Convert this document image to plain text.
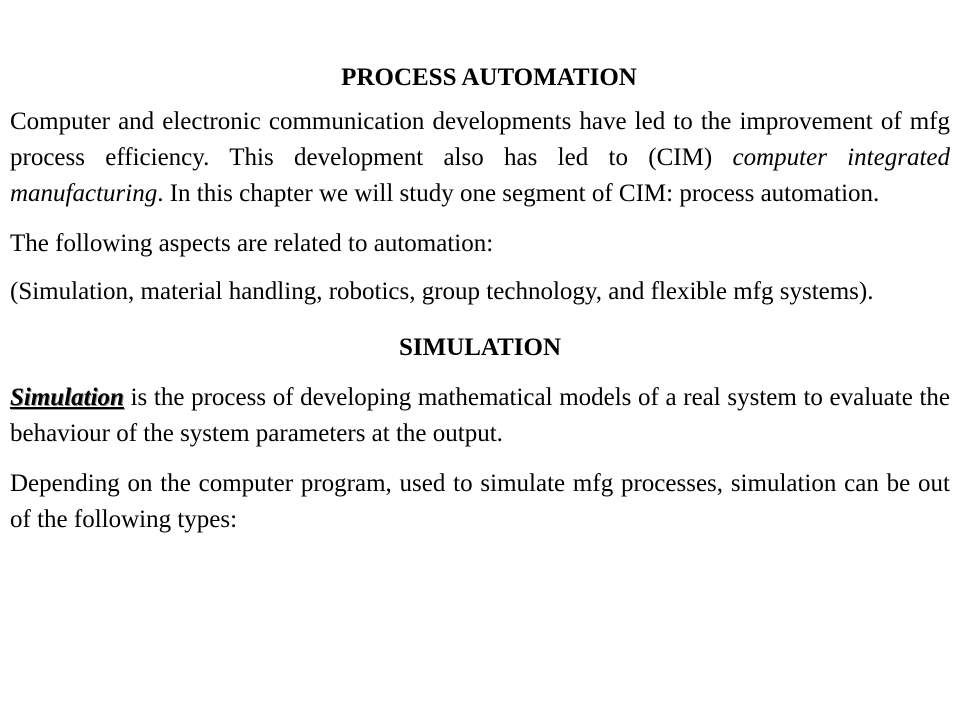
PROCESS AUTOMATION

Computer and electronic communication developments have led to the improvement of mfg process efficiency. This development also has led to (CIM) computer integrated manufacturing. In this chapter we will study one segment of CIM: process automation.

The following aspects are related to automation:

(Simulation, material handling, robotics, group technology, and flexible mfg systems).

SIMULATION

Simulation is the process of developing mathematical models of a real system to evaluate the behaviour of the system parameters at the output.

Depending on the computer program, used to simulate mfg processes, simulation can be out of the following types:
